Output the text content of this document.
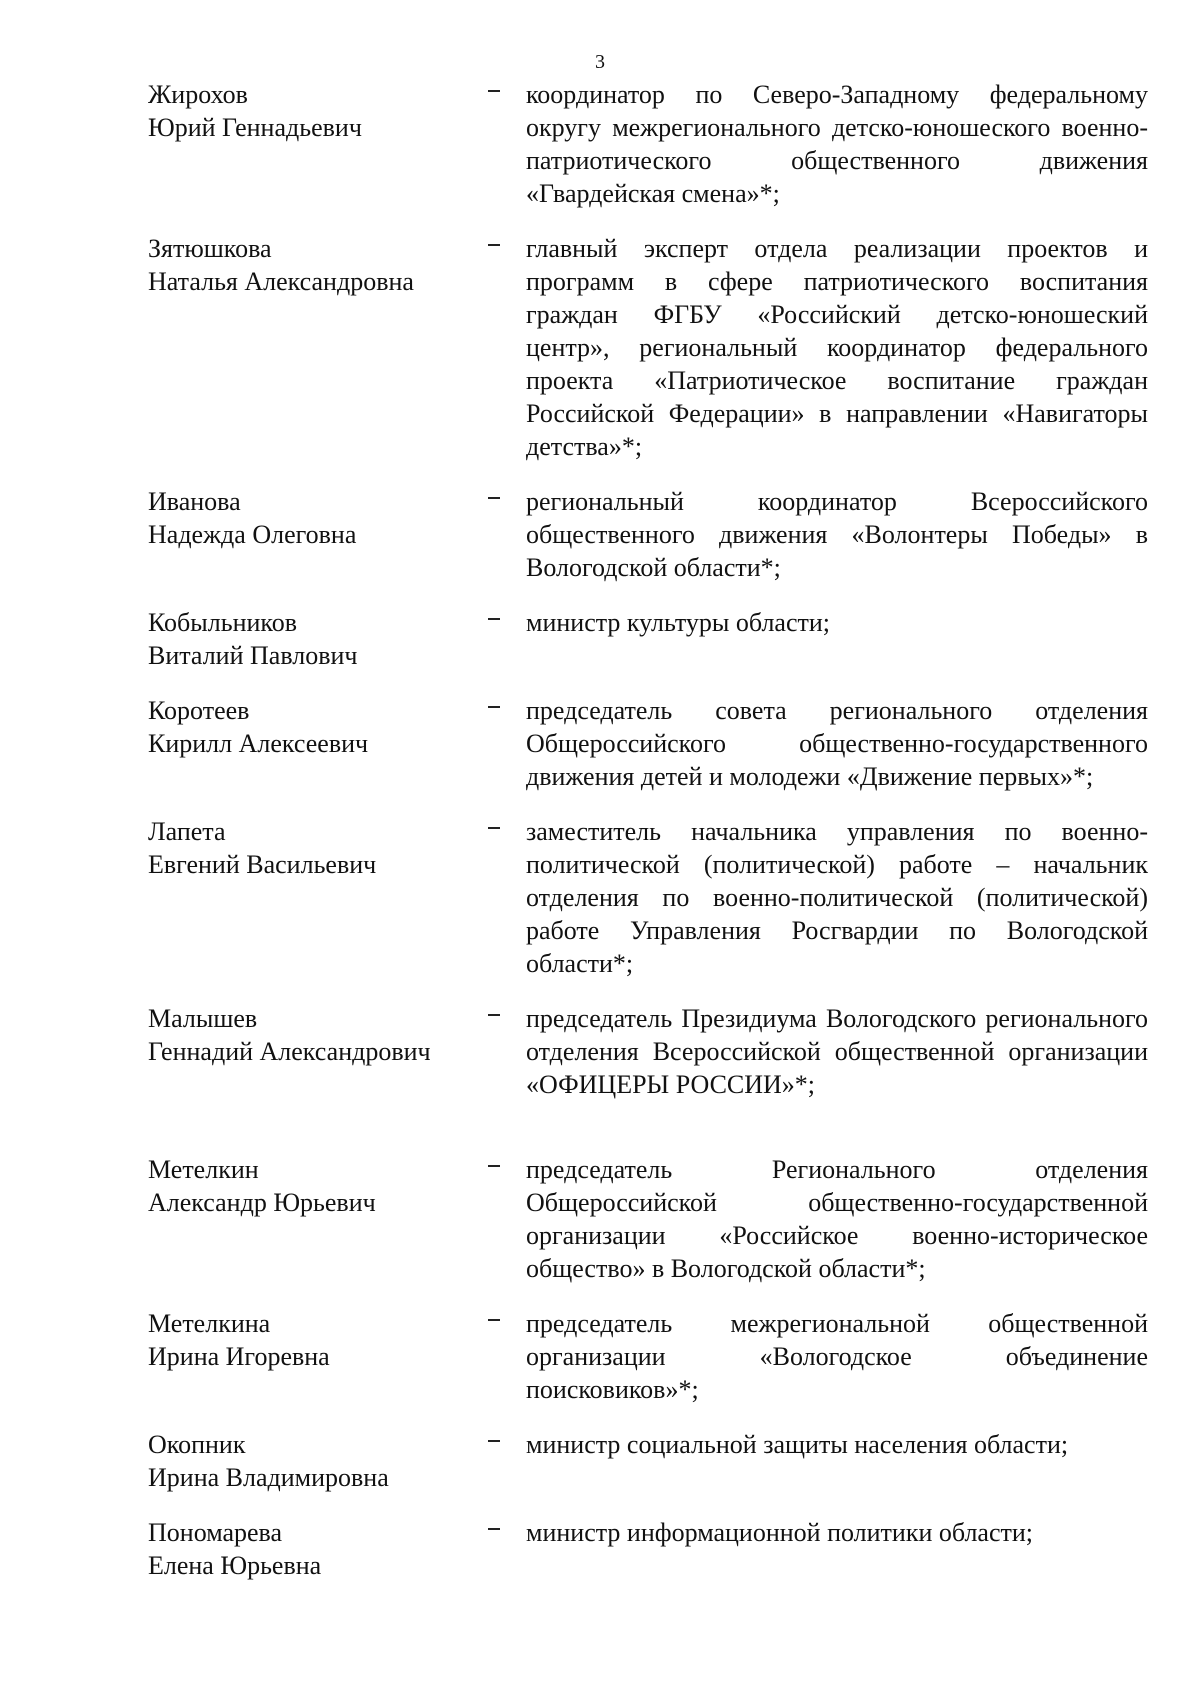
3
Жирохов
Юрий Геннадьевич
координатор по Северо-Западному федеральному округу межрегионального детско-юношеского военно-патриотического общественного движения «Гвардейская смена»*;
Зятюшкова
Наталья Александровна
главный эксперт отдела реализации проектов и программ в сфере патриотического воспитания граждан ФГБУ «Российский детско-юношеский центр», региональный координатор федерального проекта «Патриотическое воспитание граждан Российской Федерации» в направлении «Навигаторы детства»*;
Иванова
Надежда Олеговна
региональный координатор Всероссийского общественного движения «Волонтеры Победы» в Вологодской области*;
Кобыльников
Виталий Павлович
министр культуры области;
Коротеев
Кирилл Алексеевич
председатель совета регионального отделения Общероссийского общественно-государственного движения детей и молодежи «Движение первых»*;
Лапета
Евгений Васильевич
заместитель начальника управления по военно-политической (политической) работе – начальник отделения по военно-политической (политической) работе Управления Росгвардии по Вологодской области*;
Малышев
Геннадий Александрович
председатель Президиума Вологодского регионального отделения Всероссийской общественной организации «ОФИЦЕРЫ РОССИИ»*;
Метелкин
Александр Юрьевич
председатель Регионального отделения Общероссийской общественно-государственной организации «Российское военно-историческое общество» в Вологодской области*;
Метелкина
Ирина Игоревна
председатель межрегиональной общественной организации «Вологодское объединение поисковиков»*;
Окопник
Ирина Владимировна
министр социальной защиты населения области;
Пономарева
Елена Юрьевна
министр информационной политики области;
